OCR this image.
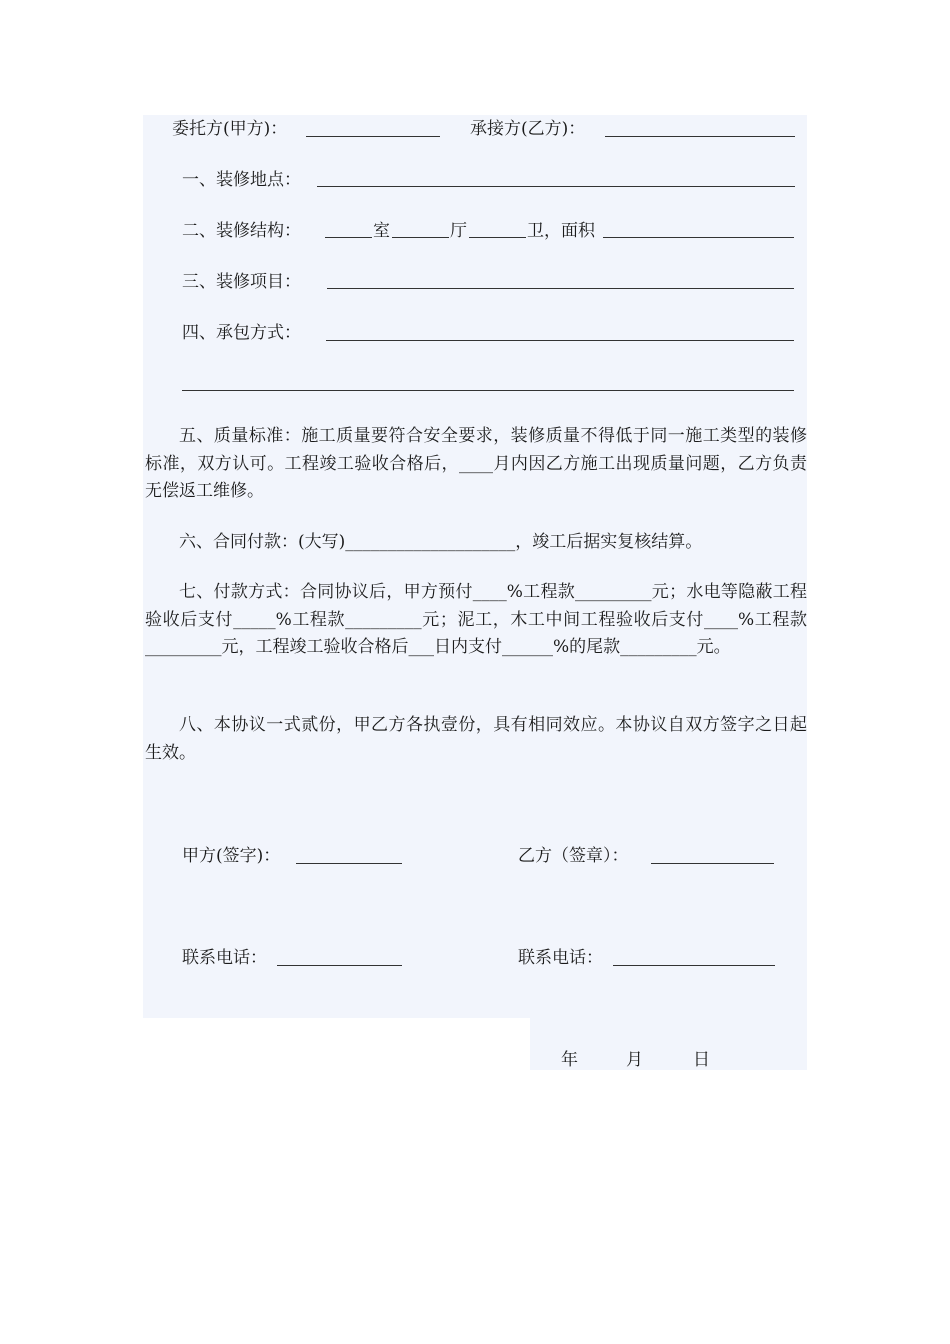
委托方(甲方)：	承接方(乙方)：
一、装修地点：
二、装修结构：	室	厅	卫，面积
三、装修项目：
四、承包方式：
五、质量标准：施工质量要符合安全要求，装修质量不得低于同一施工类型的装修标准，双方认可。工程竣工验收合格后，____月内因乙方施工出现质量问题，乙方负责无偿返工维修。
六、合同付款：(大写)____________________，竣工后据实复核结算。
七、付款方式：合同协议后，甲方预付____%工程款_________元；水电等隐蔽工程验收后支付_____%工程款_________元；泥工，木工中间工程验收后支付____%工程款_________元，工程竣工验收合格后___日内支付______%的尾款_________元。
八、本协议一式贰份，甲乙方各执壹份，具有相同效应。本协议自双方签字之日起生效。
甲方(签字)：	乙方（签章）：
联系电话：	联系电话：
年	月	日
